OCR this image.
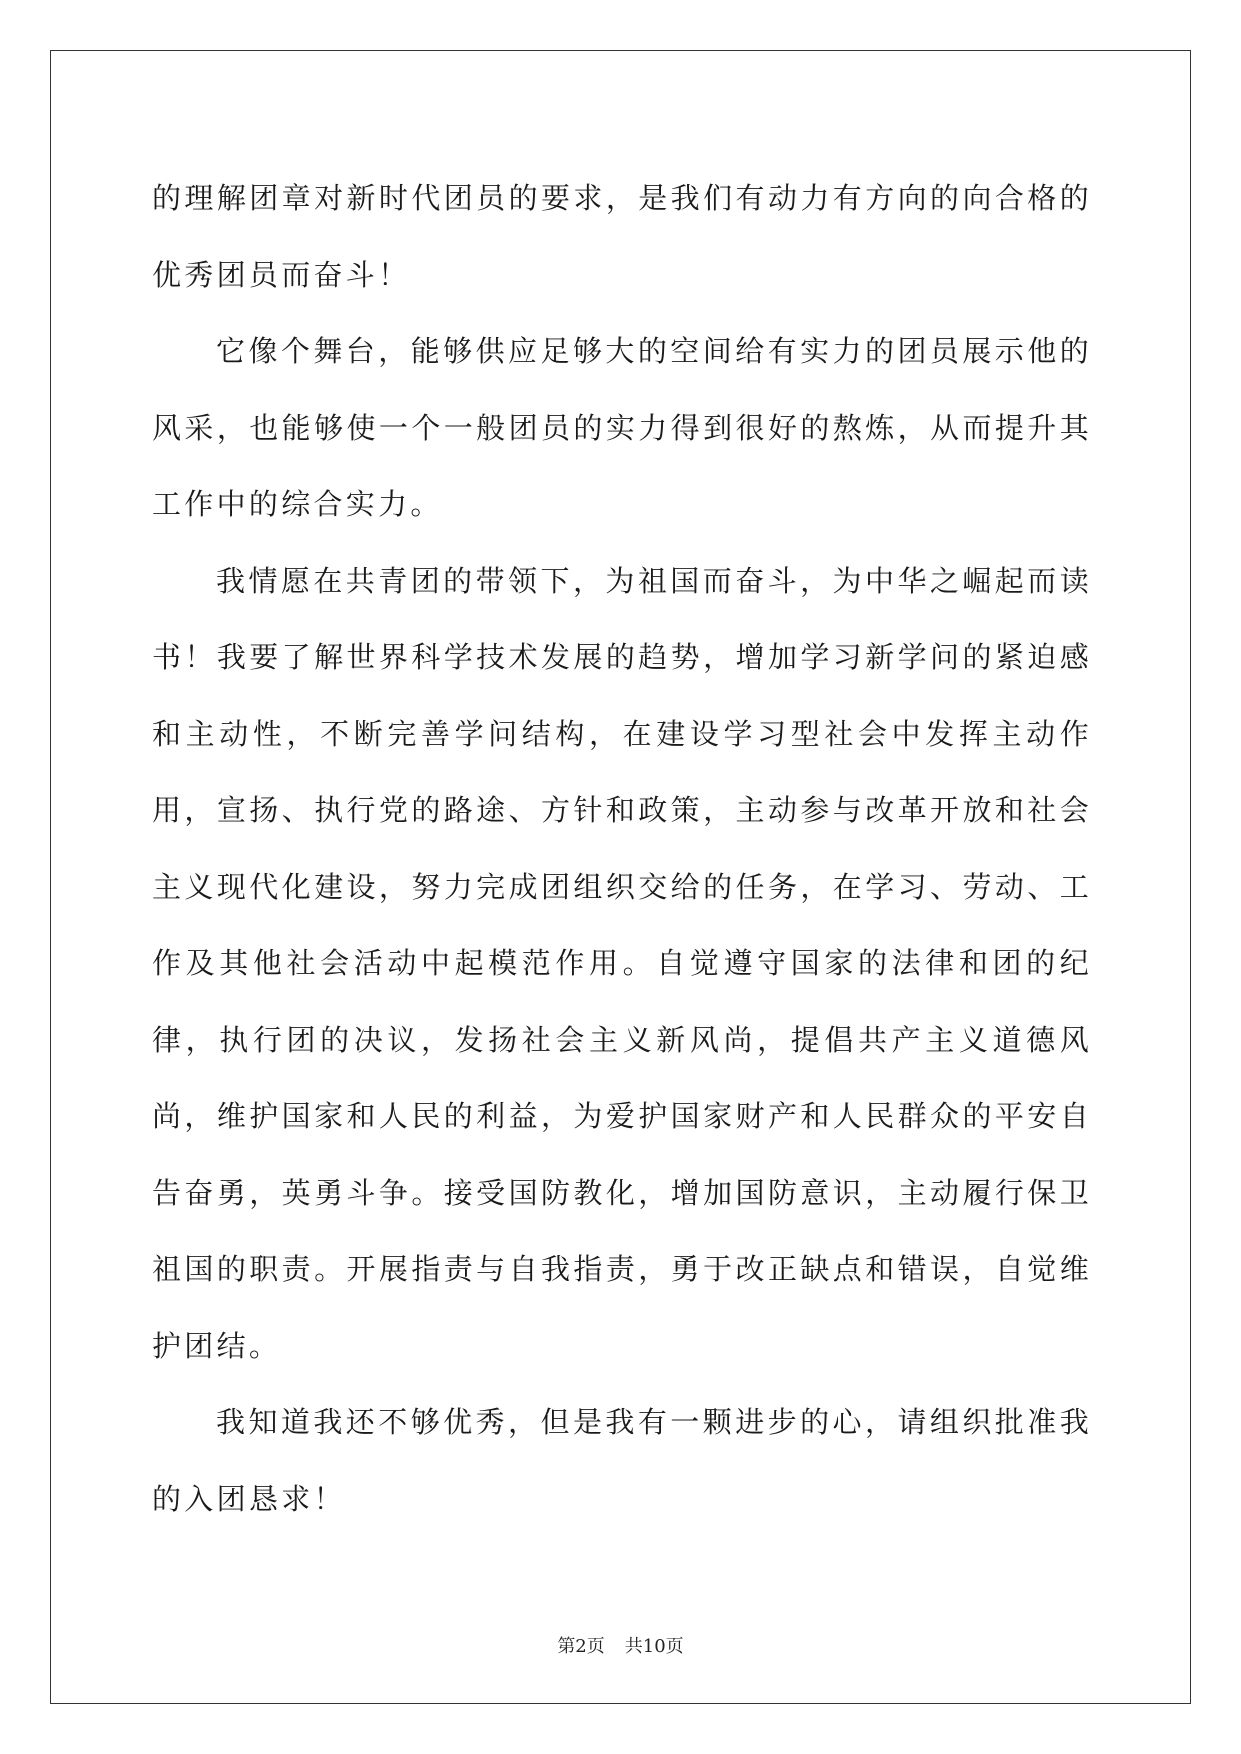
的理解团章对新时代团员的要求，是我们有动力有方向的向合格的优秀团员而奋斗！

它像个舞台，能够供应足够大的空间给有实力的团员展示他的风采，也能够使一个一般团员的实力得到很好的熬炼，从而提升其工作中的综合实力。

我情愿在共青团的带领下，为祖国而奋斗，为中华之崛起而读书！我要了解世界科学技术发展的趋势，增加学习新学问的紧迫感和主动性，不断完善学问结构，在建设学习型社会中发挥主动作用，宣扬、执行党的路途、方针和政策，主动参与改革开放和社会主义现代化建设，努力完成团组织交给的任务，在学习、劳动、工作及其他社会活动中起模范作用。自觉遵守国家的法律和团的纪律，执行团的决议，发扬社会主义新风尚，提倡共产主义道德风尚，维护国家和人民的利益，为爱护国家财产和人民群众的平安自告奋勇，英勇斗争。接受国防教化，增加国防意识，主动履行保卫祖国的职责。开展指责与自我指责，勇于改正缺点和错误，自觉维护团结。

我知道我还不够优秀，但是我有一颗进步的心，请组织批准我的入团恳求！

第2页 共10页
